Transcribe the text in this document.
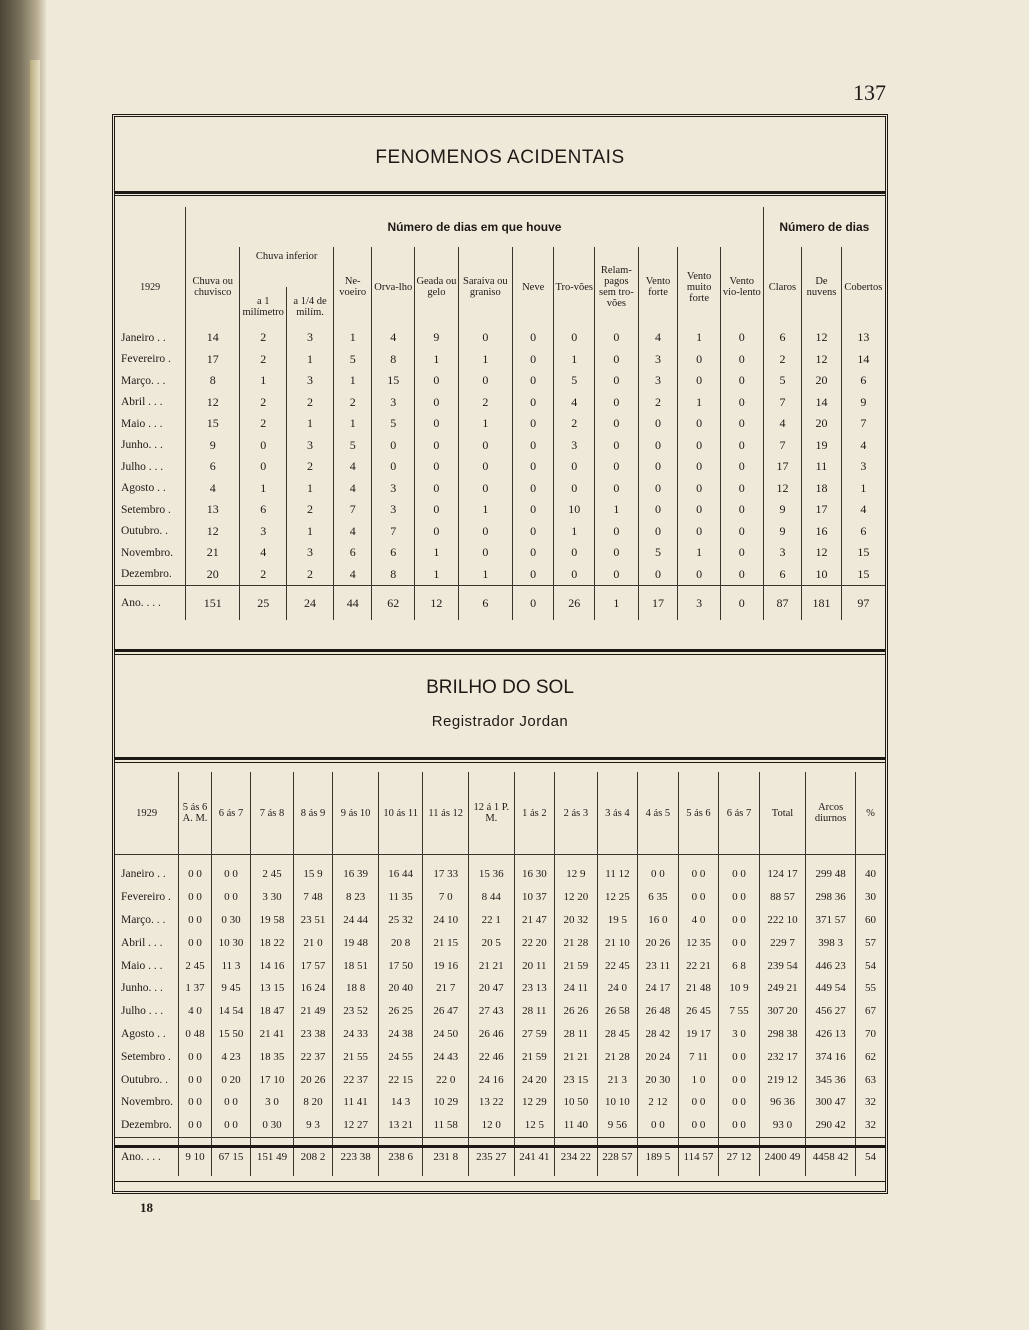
137
FENOMENOS ACIDENTAIS
	Número de dias em que houve													Número de dias		
1929	Chuva ou chuvisco	Chuva inferior		Ne-voeiro	Orva-lho	Geada ou gelo	Saraiva ou graniso	Neve	Tro-vões	Relam-pagos sem tro-vões	Vento forte	Vento muito forte	Vento vio-lento	Claros	De nuvens	Cobertos
		a 1 milímetro	a 1/4 de milím.													
Janeiro . .	14	2	3	1	4	9	0	0	0	0	4	1	0	6	12	13
Fevereiro .	17	2	1	5	8	1	1	0	1	0	3	0	0	2	12	14
Março. . .	8	1	3	1	15	0	0	0	5	0	3	0	0	5	20	6
Abril . . .	12	2	2	2	3	0	2	0	4	0	2	1	0	7	14	9
Maio . . .	15	2	1	1	5	0	1	0	2	0	0	0	0	4	20	7
Junho. . .	9	0	3	5	0	0	0	0	3	0	0	0	0	7	19	4
Julho . . .	6	0	2	4	0	0	0	0	0	0	0	0	0	17	11	3
Agosto . .	4	1	1	4	3	0	0	0	0	0	0	0	0	12	18	1
Setembro .	13	6	2	7	3	0	1	0	10	1	0	0	0	9	17	4
Outubro. .	12	3	1	4	7	0	0	0	1	0	0	0	0	9	16	6
Novembro.	21	4	3	6	6	1	0	0	0	0	5	1	0	3	12	15
Dezembro.	20	2	2	4	8	1	1	0	0	0	0	0	0	6	10	15
Ano. . . .	151	25	24	44	62	12	6	0	26	1	17	3	0	87	181	97
BRILHO DO SOL
Registrador Jordan
1929	5 ás 6 A. M.	6 ás 7	7 ás 8	8 ás 9	9 ás 10	10 ás 11	11 ás 12	12 á 1 P. M.	1 ás 2	2 ás 3	3 ás 4	4 ás 5	5 ás 6	6 ás 7	Total	Arcos diurnos	%
Janeiro . .	0 0	0 0	2 45	15 9	16 39	16 44	17 33	15 36	16 30	12 9	11 12	0 0	0 0	0 0	124 17	299 48	40
Fevereiro .	0 0	0 0	3 30	7 48	8 23	11 35	7 0	8 44	10 37	12 20	12 25	6 35	0 0	0 0	88 57	298 36	30
Março. . .	0 0	0 30	19 58	23 51	24 44	25 32	24 10	22 1	21 47	20 32	19 5	16 0	4 0	0 0	222 10	371 57	60
Abril . . .	0 0	10 30	18 22	21 0	19 48	20 8	21 15	20 5	22 20	21 28	21 10	20 26	12 35	0 0	229 7	398 3	57
Maio . . .	2 45	11 3	14 16	17 57	18 51	17 50	19 16	21 21	20 11	21 59	22 45	23 11	22 21	6 8	239 54	446 23	54
Junho. . .	1 37	9 45	13 15	16 24	18 8	20 40	21 7	20 47	23 13	24 11	24 0	24 17	21 48	10 9	249 21	449 54	55
Julho . . .	4 0	14 54	18 47	21 49	23 52	26 25	26 47	27 43	28 11	26 26	26 58	26 48	26 45	7 55	307 20	456 27	67
Agosto . .	0 48	15 50	21 41	23 38	24 33	24 38	24 50	26 46	27 59	28 11	28 45	28 42	19 17	3 0	298 38	426 13	70
Setembro .	0 0	4 23	18 35	22 37	21 55	24 55	24 43	22 46	21 59	21 21	21 28	20 24	7 11	0 0	232 17	374 16	62
Outubro. .	0 0	0 20	17 10	20 26	22 37	22 15	22 0	24 16	24 20	23 15	21 3	20 30	1 0	0 0	219 12	345 36	63
Novembro.	0 0	0 0	3 0	8 20	11 41	14 3	10 29	13 22	12 29	10 50	10 10	2 12	0 0	0 0	96 36	300 47	32
Dezembro.	0 0	0 0	0 30	9 3	12 27	13 21	11 58	12 0	12 5	11 40	9 56	0 0	0 0	0 0	93 0	290 42	32
Ano. . . .	9 10	67 15	151 49	208 2	223 38	238 6	231 8	235 27	241 41	234 22	228 57	189 5	114 57	27 12	2400 49	4458 42	54
18
